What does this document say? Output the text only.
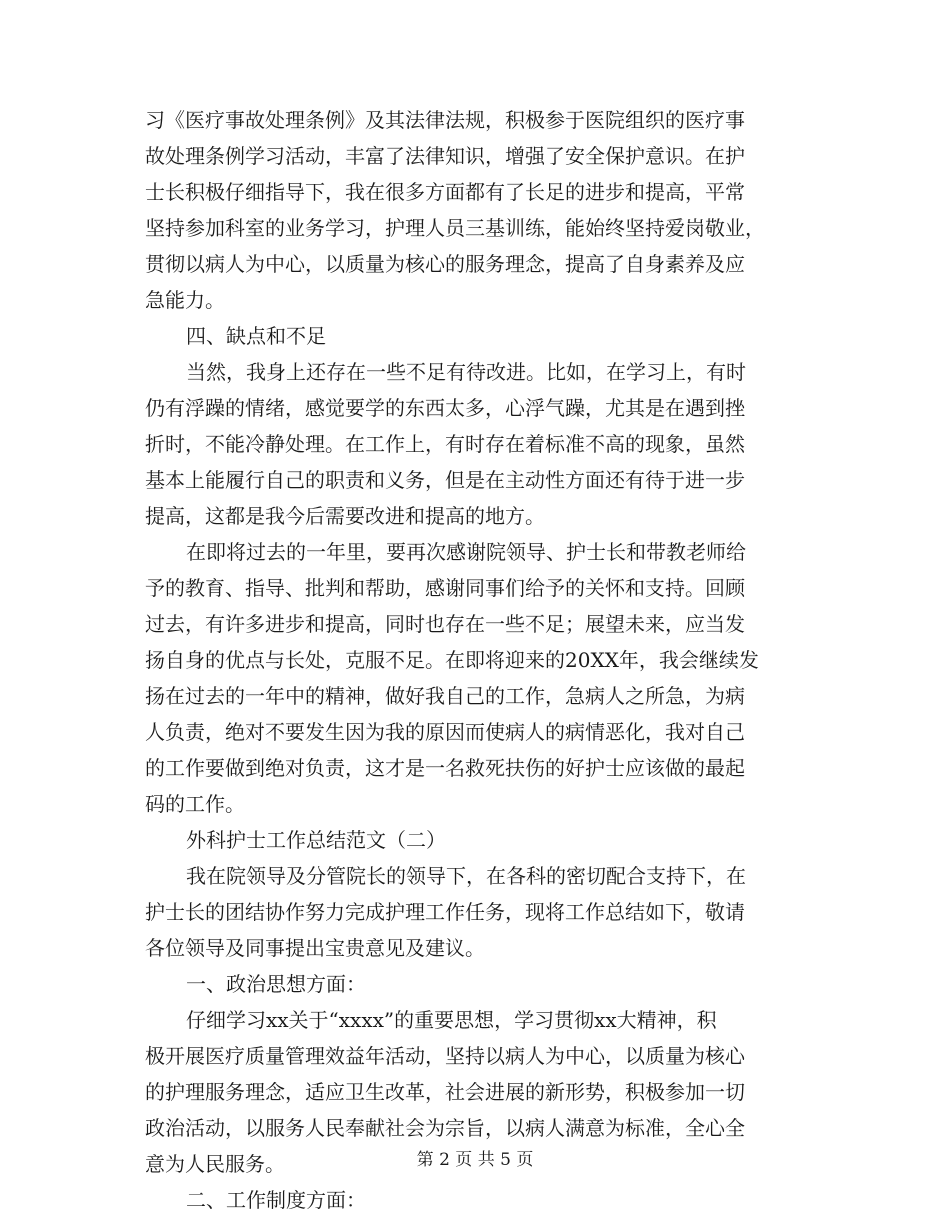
习《医疗事故处理条例》及其法律法规，积极参于医院组织的医疗事
故处理条例学习活动，丰富了法律知识，增强了安全保护意识。在护
士长积极仔细指导下，我在很多方面都有了长足的进步和提高，平常
坚持参加科室的业务学习，护理人员三基训练，能始终坚持爱岗敬业，
贯彻以病人为中心，以质量为核心的服务理念，提高了自身素养及应
急能力。
四、缺点和不足
当然，我身上还存在一些不足有待改进。比如，在学习上，有时
仍有浮躁的情绪，感觉要学的东西太多，心浮气躁，尤其是在遇到挫
折时，不能冷静处理。在工作上，有时存在着标准不高的现象，虽然
基本上能履行自己的职责和义务，但是在主动性方面还有待于进一步
提高，这都是我今后需要改进和提高的地方。
在即将过去的一年里，要再次感谢院领导、护士长和带教老师给
予的教育、指导、批判和帮助，感谢同事们给予的关怀和支持。回顾
过去，有许多进步和提高，同时也存在一些不足；展望未来，应当发
扬自身的优点与长处，克服不足。在即将迎来的20XX年，我会继续发
扬在过去的一年中的精神，做好我自己的工作，急病人之所急，为病
人负责，绝对不要发生因为我的原因而使病人的病情恶化，我对自己
的工作要做到绝对负责，这才是一名救死扶伤的好护士应该做的最起
码的工作。
外科护士工作总结范文（二）
我在院领导及分管院长的领导下，在各科的密切配合支持下，在
护士长的团结协作努力完成护理工作任务，现将工作总结如下，敬请
各位领导及同事提出宝贵意见及建议。
一、政治思想方面：
仔细学习xx关于“xxxx”的重要思想，学习贯彻xx大精神，积
极开展医疗质量管理效益年活动，坚持以病人为中心，以质量为核心
的护理服务理念，适应卫生改革，社会进展的新形势，积极参加一切
政治活动，以服务人民奉献社会为宗旨，以病人满意为标准，全心全
意为人民服务。
二、工作制度方面：
第 2 页 共 5 页
